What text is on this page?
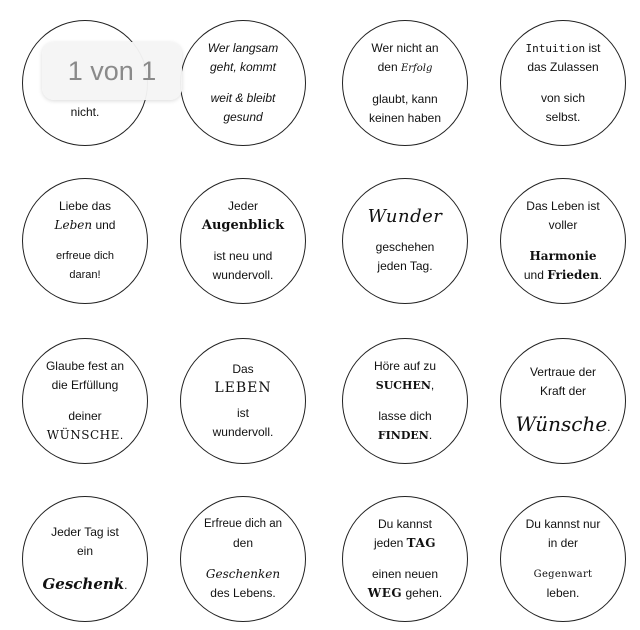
nicht.
Wer langsam
geht, kommt
weit & bleibt
gesund
Wer nicht an
den Erfolg
glaubt, kann
keinen haben
Intuition ist
das Zulassen
von sich
selbst.
Liebe das
Leben und
erfreue dich
daran!
Jeder
Augenblick
ist neu und
wundervoll.
Wunder
geschehen
jeden Tag.
Das Leben ist
voller
Harmonie
und Frieden.
Glaube fest an
die Erfüllung
deiner
WÜNSCHE.
Das
LEBEN
ist
wundervoll.
Höre auf zu
SUCHEN,
lasse dich
FINDEN.
Vertraue der
Kraft der
Wünsche.
Jeder Tag ist
ein
Geschenk.
Erfreue dich an
den
Geschenken
des Lebens.
Du kannst
jeden TAG
einen neuen
WEG gehen.
Du kannst nur
in der
Gegenwart
leben.
1 von 1
